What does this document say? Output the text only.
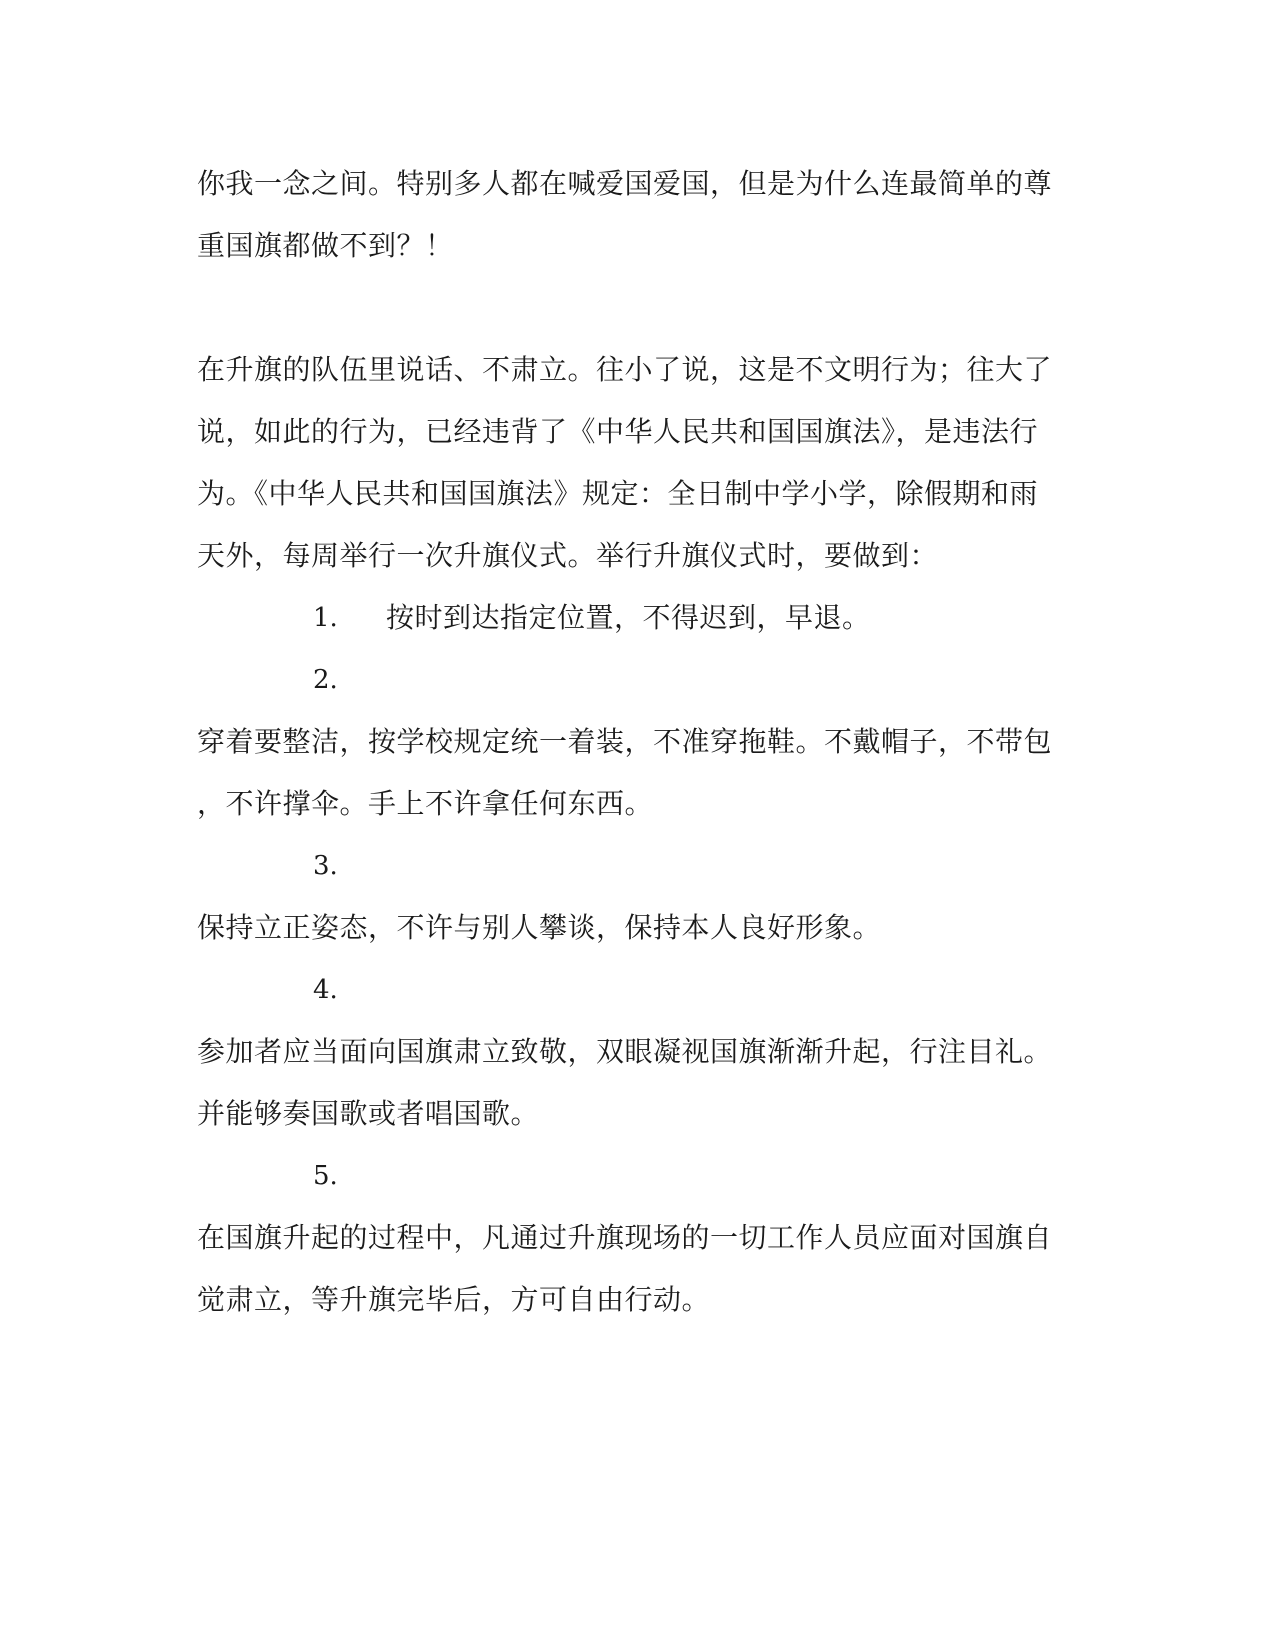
你我一念之间。特别多人都在喊爱国爱国，但是为什么连最简单的尊
重国旗都做不到？！
在升旗的队伍里说话、不肃立。往小了说，这是不文明行为；往大了
说，如此的行为，已经违背了《中华人民共和国国旗法》，是违法行
为。《中华人民共和国国旗法》规定：全日制中学小学，除假期和雨
天外，每周举行一次升旗仪式。举行升旗仪式时，要做到：
1. 按时到达指定位置，不得迟到，早退。
2.
穿着要整洁，按学校规定统一着装，不准穿拖鞋。不戴帽子，不带包
，不许撑伞。手上不许拿任何东西。
3.
保持立正姿态，不许与别人攀谈，保持本人良好形象。
4.
参加者应当面向国旗肃立致敬，双眼凝视国旗渐渐升起，行注目礼。
并能够奏国歌或者唱国歌。
5.
在国旗升起的过程中，凡通过升旗现场的一切工作人员应面对国旗自
觉肃立，等升旗完毕后，方可自由行动。
